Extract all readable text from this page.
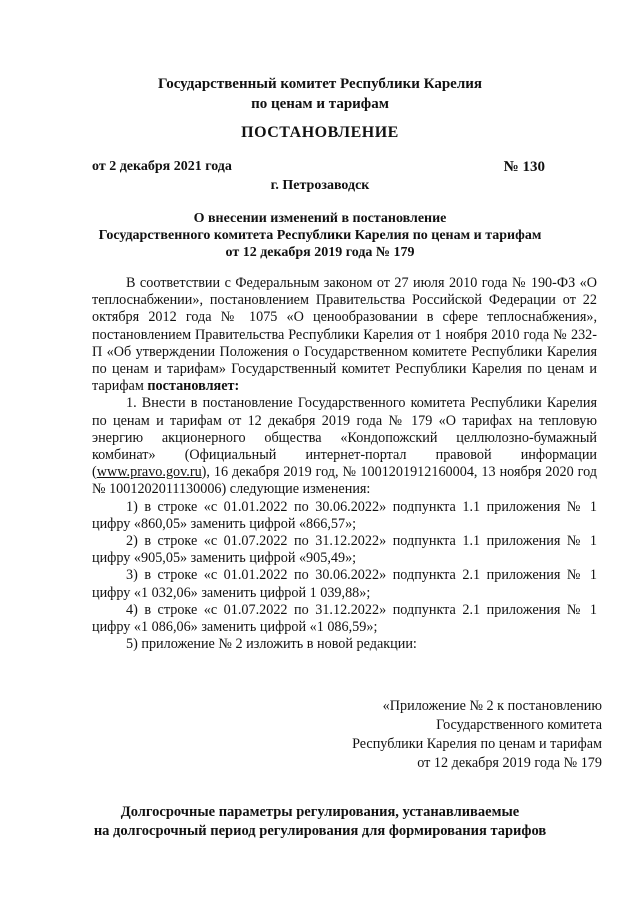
Государственный комитет Республики Карелия
по ценам и тарифам
ПОСТАНОВЛЕНИЕ
от 2 декабря 2021 года	№ 130
г. Петрозаводск
О внесении изменений в постановление
Государственного комитета Республики Карелия по ценам и тарифам
от 12 декабря 2019 года № 179

В соответствии с Федеральным законом от 27 июля 2010 года № 190-ФЗ «О теплоснабжении», постановлением Правительства Российской Федерации от 22 октября 2012 года № 1075 «О ценообразовании в сфере теплоснабжения», постановлением Правительства Республики Карелия от 1 ноября 2010 года № 232-П «Об утверждении Положения о Государственном комитете Республики Карелия по ценам и тарифам» Государственный комитет Республики Карелия по ценам и тарифам постановляет:

1. Внести в постановление Государственного комитета Республики Карелия по ценам и тарифам от 12 декабря 2019 года № 179 «О тарифах на тепловую энергию акционерного общества «Кондопожский целлюлозно-бумажный комбинат» (Официальный интернет-портал правовой информации (www.pravo.gov.ru), 16 декабря 2019 год, № 1001201912160004, 13 ноября 2020 год № 1001202011130006) следующие изменения:

1) в строке «с 01.01.2022 по 30.06.2022» подпункта 1.1 приложения № 1 цифру «860,05» заменить цифрой «866,57»;

2) в строке «с 01.07.2022 по 31.12.2022» подпункта 1.1 приложения № 1 цифру «905,05» заменить цифрой «905,49»;

3) в строке «с 01.01.2022 по 30.06.2022» подпункта 2.1 приложения № 1 цифру «1 032,06» заменить цифрой 1 039,88»;

4) в строке «с 01.07.2022 по 31.12.2022» подпункта 2.1 приложения № 1 цифру «1 086,06» заменить цифрой «1 086,59»;

5) приложение № 2 изложить в новой редакции:

«Приложение № 2 к постановлению
Государственного комитета
Республики Карелия по ценам и тарифам
от 12 декабря 2019 года № 179
Долгосрочные параметры регулирования, устанавливаемые
на долгосрочный период регулирования для формирования тарифов
